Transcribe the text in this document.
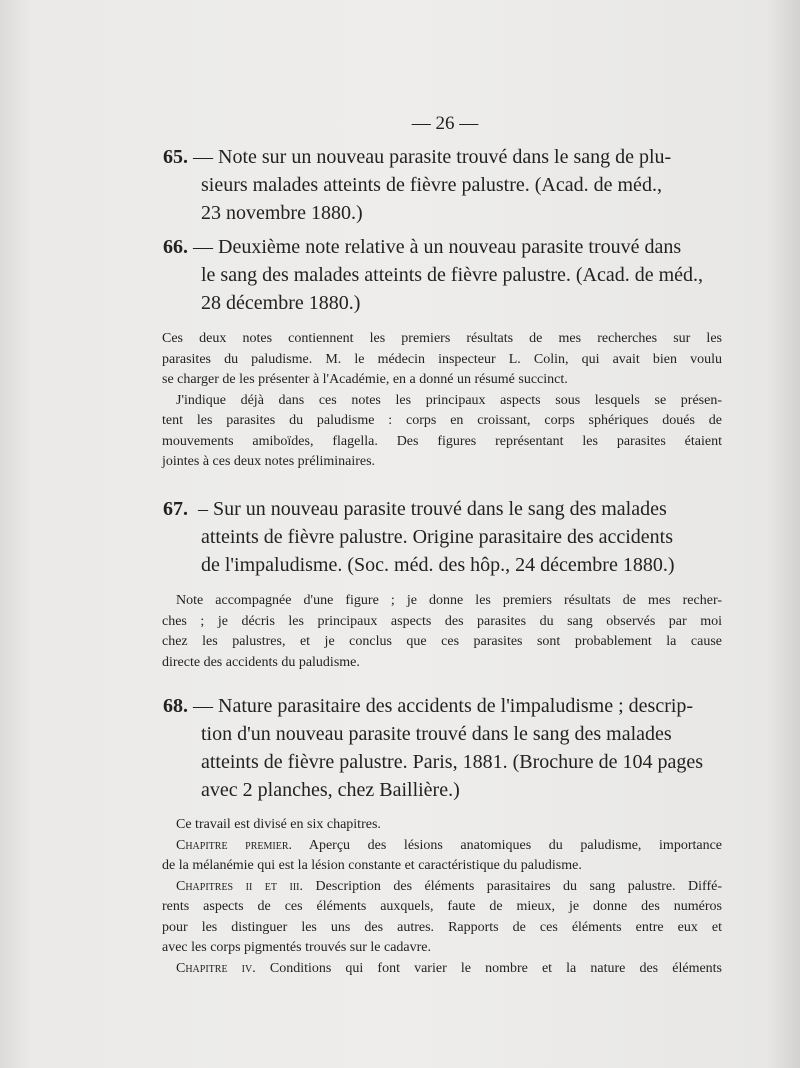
— 26 —
65. — Note sur un nouveau parasite trouvé dans le sang de plu-
sieurs malades atteints de fièvre palustre. (Acad. de méd.,
23 novembre 1880.)
66. — Deuxième note relative à un nouveau parasite trouvé dans
le sang des malades atteints de fièvre palustre. (Acad. de méd.,
28 décembre 1880.)
Ces deux notes contiennent les premiers résultats de mes recherches sur les
parasites du paludisme. M. le médecin inspecteur L. Colin, qui avait bien voulu
se charger de les présenter à l'Académie, en a donné un résumé succinct.
J'indique déjà dans ces notes les principaux aspects sous lesquels se présen-
tent les parasites du paludisme : corps en croissant, corps sphériques doués de
mouvements amiboïdes, flagella. Des figures représentant les parasites étaient
jointes à ces deux notes préliminaires.
67. – Sur un nouveau parasite trouvé dans le sang des malades
atteints de fièvre palustre. Origine parasitaire des accidents
de l'impaludisme. (Soc. méd. des hôp., 24 décembre 1880.)
Note accompagnée d'une figure ; je donne les premiers résultats de mes recher-
ches ; je décris les principaux aspects des parasites du sang observés par moi
chez les palustres, et je conclus que ces parasites sont probablement la cause
directe des accidents du paludisme.
68. — Nature parasitaire des accidents de l'impaludisme ; descrip-
tion d'un nouveau parasite trouvé dans le sang des malades
atteints de fièvre palustre. Paris, 1881. (Brochure de 104 pages
avec 2 planches, chez Baillière.)
Ce travail est divisé en six chapitres.
Chapitre premier. Aperçu des lésions anatomiques du paludisme, importance
de la mélanémie qui est la lésion constante et caractéristique du paludisme.
Chapitres ii et iii. Description des éléments parasitaires du sang palustre. Diffé-
rents aspects de ces éléments auxquels, faute de mieux, je donne des numéros
pour les distinguer les uns des autres. Rapports de ces éléments entre eux et
avec les corps pigmentés trouvés sur le cadavre.
Chapitre iv. Conditions qui font varier le nombre et la nature des éléments
